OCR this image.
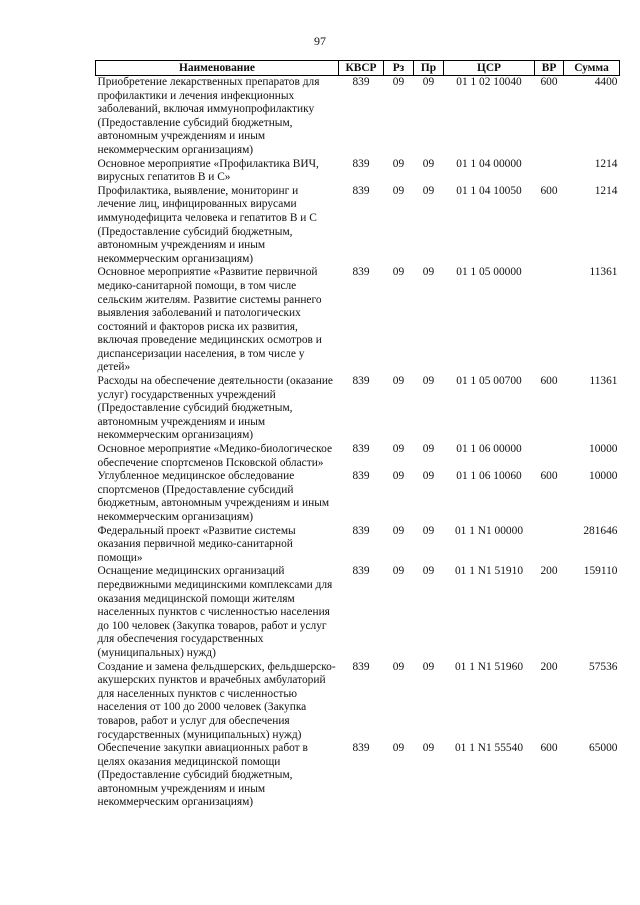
97
Наименование	КВСР	Рз	Пр	ЦСР	ВР	Сумма
Приобретение лекарственных препаратов для профилактики и лечения инфекционных заболеваний, включая иммунопрофилактику (Предоставление субсидий бюджетным, автономным учреждениям и иным некоммерческим организациям)	839	09	09	01 1 02 10040	600	4400
Основное мероприятие «Профилактика ВИЧ, вирусных гепатитов В и С»	839	09	09	01 1 04 00000		1214
Профилактика, выявление, мониторинг и лечение лиц, инфицированных вирусами иммунодефицита человека и гепатитов В и С (Предоставление субсидий бюджетным, автономным учреждениям и иным некоммерческим организациям)	839	09	09	01 1 04 10050	600	1214
Основное мероприятие «Развитие первичной медико-санитарной помощи, в том числе сельским жителям. Развитие системы раннего выявления заболеваний и патологических состояний и факторов риска их развития, включая проведение медицинских осмотров и диспансеризации населения, в том числе у детей»	839	09	09	01 1 05 00000		11361
Расходы на обеспечение деятельности (оказание услуг) государственных учреждений (Предоставление субсидий бюджетным, автономным учреждениям и иным некоммерческим организациям)	839	09	09	01 1 05 00700	600	11361
Основное мероприятие «Медико-биологическое обеспечение спортсменов Псковской области»	839	09	09	01 1 06 00000		10000
Углубленное медицинское обследование спортсменов (Предоставление субсидий бюджетным, автономным учреждениям и иным некоммерческим организациям)	839	09	09	01 1 06 10060	600	10000
Федеральный проект «Развитие системы оказания первичной медико-санитарной помощи»	839	09	09	01 1 N1 00000		281646
Оснащение медицинских организаций передвижными медицинскими комплексами для оказания медицинской помощи жителям населенных пунктов с численностью населения до 100 человек (Закупка товаров, работ и услуг для обеспечения государственных (муниципальных) нужд)	839	09	09	01 1 N1 51910	200	159110
Создание и замена фельдшерских, фельдшерско-акушерских пунктов и врачебных амбулаторий для населенных пунктов с численностью населения от 100 до 2000 человек (Закупка товаров, работ и услуг для обеспечения государственных (муниципальных) нужд)	839	09	09	01 1 N1 51960	200	57536
Обеспечение закупки авиационных работ в целях оказания медицинской помощи (Предоставление субсидий бюджетным, автономным учреждениям и иным некоммерческим организациям)	839	09	09	01 1 N1 55540	600	65000
